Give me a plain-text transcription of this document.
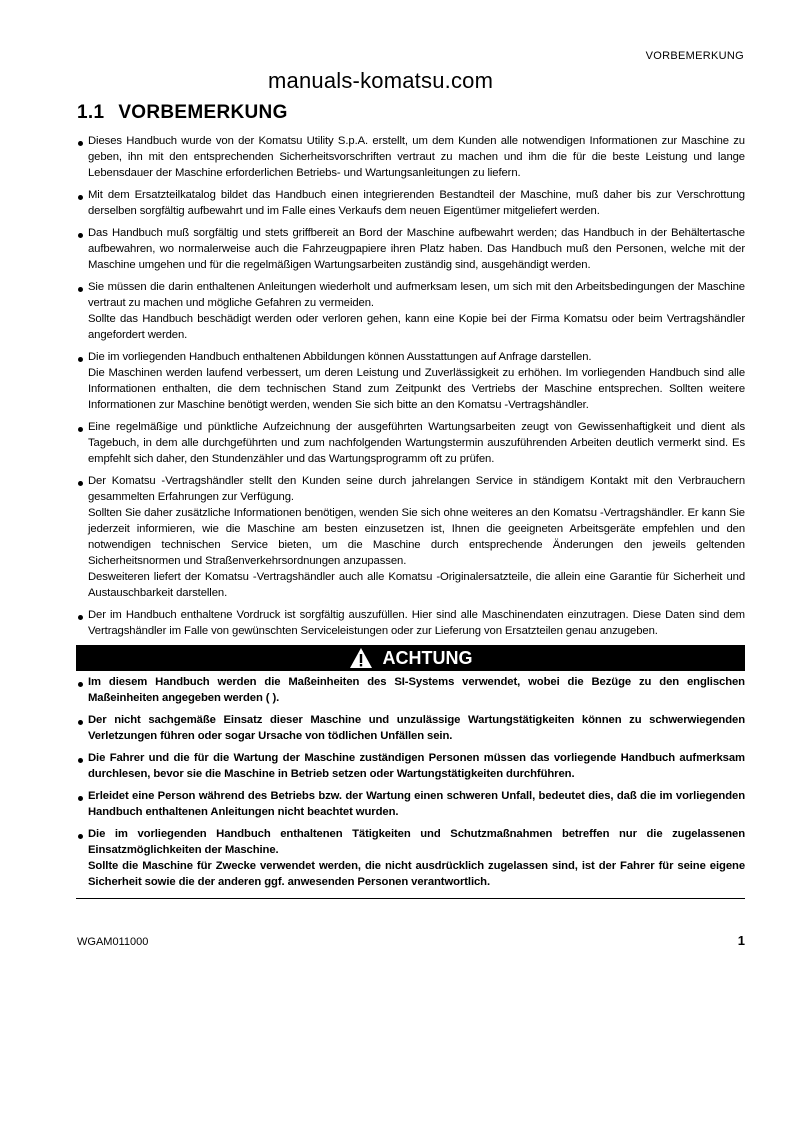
VORBEMERKUNG
manuals-komatsu.com
1.1 VORBEMERKUNG

Dieses Handbuch wurde von der Komatsu Utility S.p.A. erstellt, um dem Kunden alle notwendigen Informationen zur Maschine zu geben, ihn mit den entsprechenden Sicherheitsvorschriften vertraut zu machen und ihm die für die beste Leistung und lange Lebensdauer der Maschine erforderlichen Betriebs- und Wartungsanleitungen zu liefern.

Mit dem Ersatzteilkatalog bildet das Handbuch einen integrierenden Bestandteil der Maschine, muß daher bis zur Verschrottung derselben sorgfältig aufbewahrt und im Falle eines Verkaufs dem neuen Eigentümer mitgeliefert werden.

Das Handbuch muß sorgfältig und stets griffbereit an Bord der Maschine aufbewahrt werden; das Handbuch in der Behältertasche aufbewahren, wo normalerweise auch die Fahrzeugpapiere ihren Platz haben. Das Handbuch muß den Personen, welche mit der Maschine umgehen und für die regelmäßigen Wartungsarbeiten zuständig sind, ausgehändigt werden.

Sie müssen die darin enthaltenen Anleitungen wiederholt und aufmerksam lesen, um sich mit den Arbeitsbedingungen der Maschine vertraut zu machen und mögliche Gefahren zu vermeiden.

Sollte das Handbuch beschädigt werden oder verloren gehen, kann eine Kopie bei der Firma Komatsu oder beim Vertragshändler angefordert werden.

Die im vorliegenden Handbuch enthaltenen Abbildungen können Ausstattungen auf Anfrage darstellen.

Die Maschinen werden laufend verbessert, um deren Leistung und Zuverlässigkeit zu erhöhen. Im vorliegenden Handbuch sind alle Informationen enthalten, die dem technischen Stand zum Zeitpunkt des Vertriebs der Maschine entsprechen. Sollten weitere Informationen zur Maschine benötigt werden, wenden Sie sich bitte an den Komatsu -Vertragshändler.

Eine regelmäßige und pünktliche Aufzeichnung der ausgeführten Wartungsarbeiten zeugt von Gewissenhaftigkeit und dient als Tagebuch, in dem alle durchgeführten und zum nachfolgenden Wartungstermin auszuführenden Arbeiten deutlich vermerkt sind. Es empfehlt sich daher, den Stundenzähler und das Wartungsprogramm oft zu prüfen.

Der Komatsu -Vertragshändler stellt den Kunden seine durch jahrelangen Service in ständigem Kontakt mit den Verbrauchern gesammelten Erfahrungen zur Verfügung.

Sollten Sie daher zusätzliche Informationen benötigen, wenden Sie sich ohne weiteres an den Komatsu -Vertragshändler. Er kann Sie jederzeit informieren, wie die Maschine am besten einzusetzen ist, Ihnen die geeigneten Arbeitsgeräte empfehlen und den notwendigen technischen Service bieten, um die Maschine durch entsprechende Änderungen den jeweils geltenden Sicherheitsnormen und Straßenverkehrsordnungen anzupassen.

Desweiteren liefert der Komatsu -Vertragshändler auch alle Komatsu -Originalersatzteile, die allein eine Garantie für Sicherheit und Austauschbarkeit darstellen.

Der im Handbuch enthaltene Vordruck ist sorgfältig auszufüllen. Hier sind alle Maschinendaten einzutragen. Diese Daten sind dem Vertragshändler im Falle von gewünschten Serviceleistungen oder zur Lieferung von Ersatzteilen genau anzugeben.

ACHTUNG

Im diesem Handbuch werden die Maßeinheiten des SI-Systems verwendet, wobei die Bezüge zu den englischen Maßeinheiten angegeben werden ( ).

Der nicht sachgemäße Einsatz dieser Maschine und unzulässige Wartungstätigkeiten können zu schwerwiegenden Verletzungen führen oder sogar Ursache von tödlichen Unfällen sein.

Die Fahrer und die für die Wartung der Maschine zuständigen Personen müssen das vorliegende Handbuch aufmerksam durchlesen, bevor sie die Maschine in Betrieb setzen oder Wartungstätigkeiten durchführen.

Erleidet eine Person während des Betriebs bzw. der Wartung einen schweren Unfall, bedeutet dies, daß die im vorliegenden Handbuch enthaltenen Anleitungen nicht beachtet wurden.

Die im vorliegenden Handbuch enthaltenen Tätigkeiten und Schutzmaßnahmen betreffen nur die zugelassenen Einsatzmöglichkeiten der Maschine.

Sollte die Maschine für Zwecke verwendet werden, die nicht ausdrücklich zugelassen sind, ist der Fahrer für seine eigene Sicherheit sowie die der anderen ggf. anwesenden Personen verantwortlich.

WGAM011000	1
